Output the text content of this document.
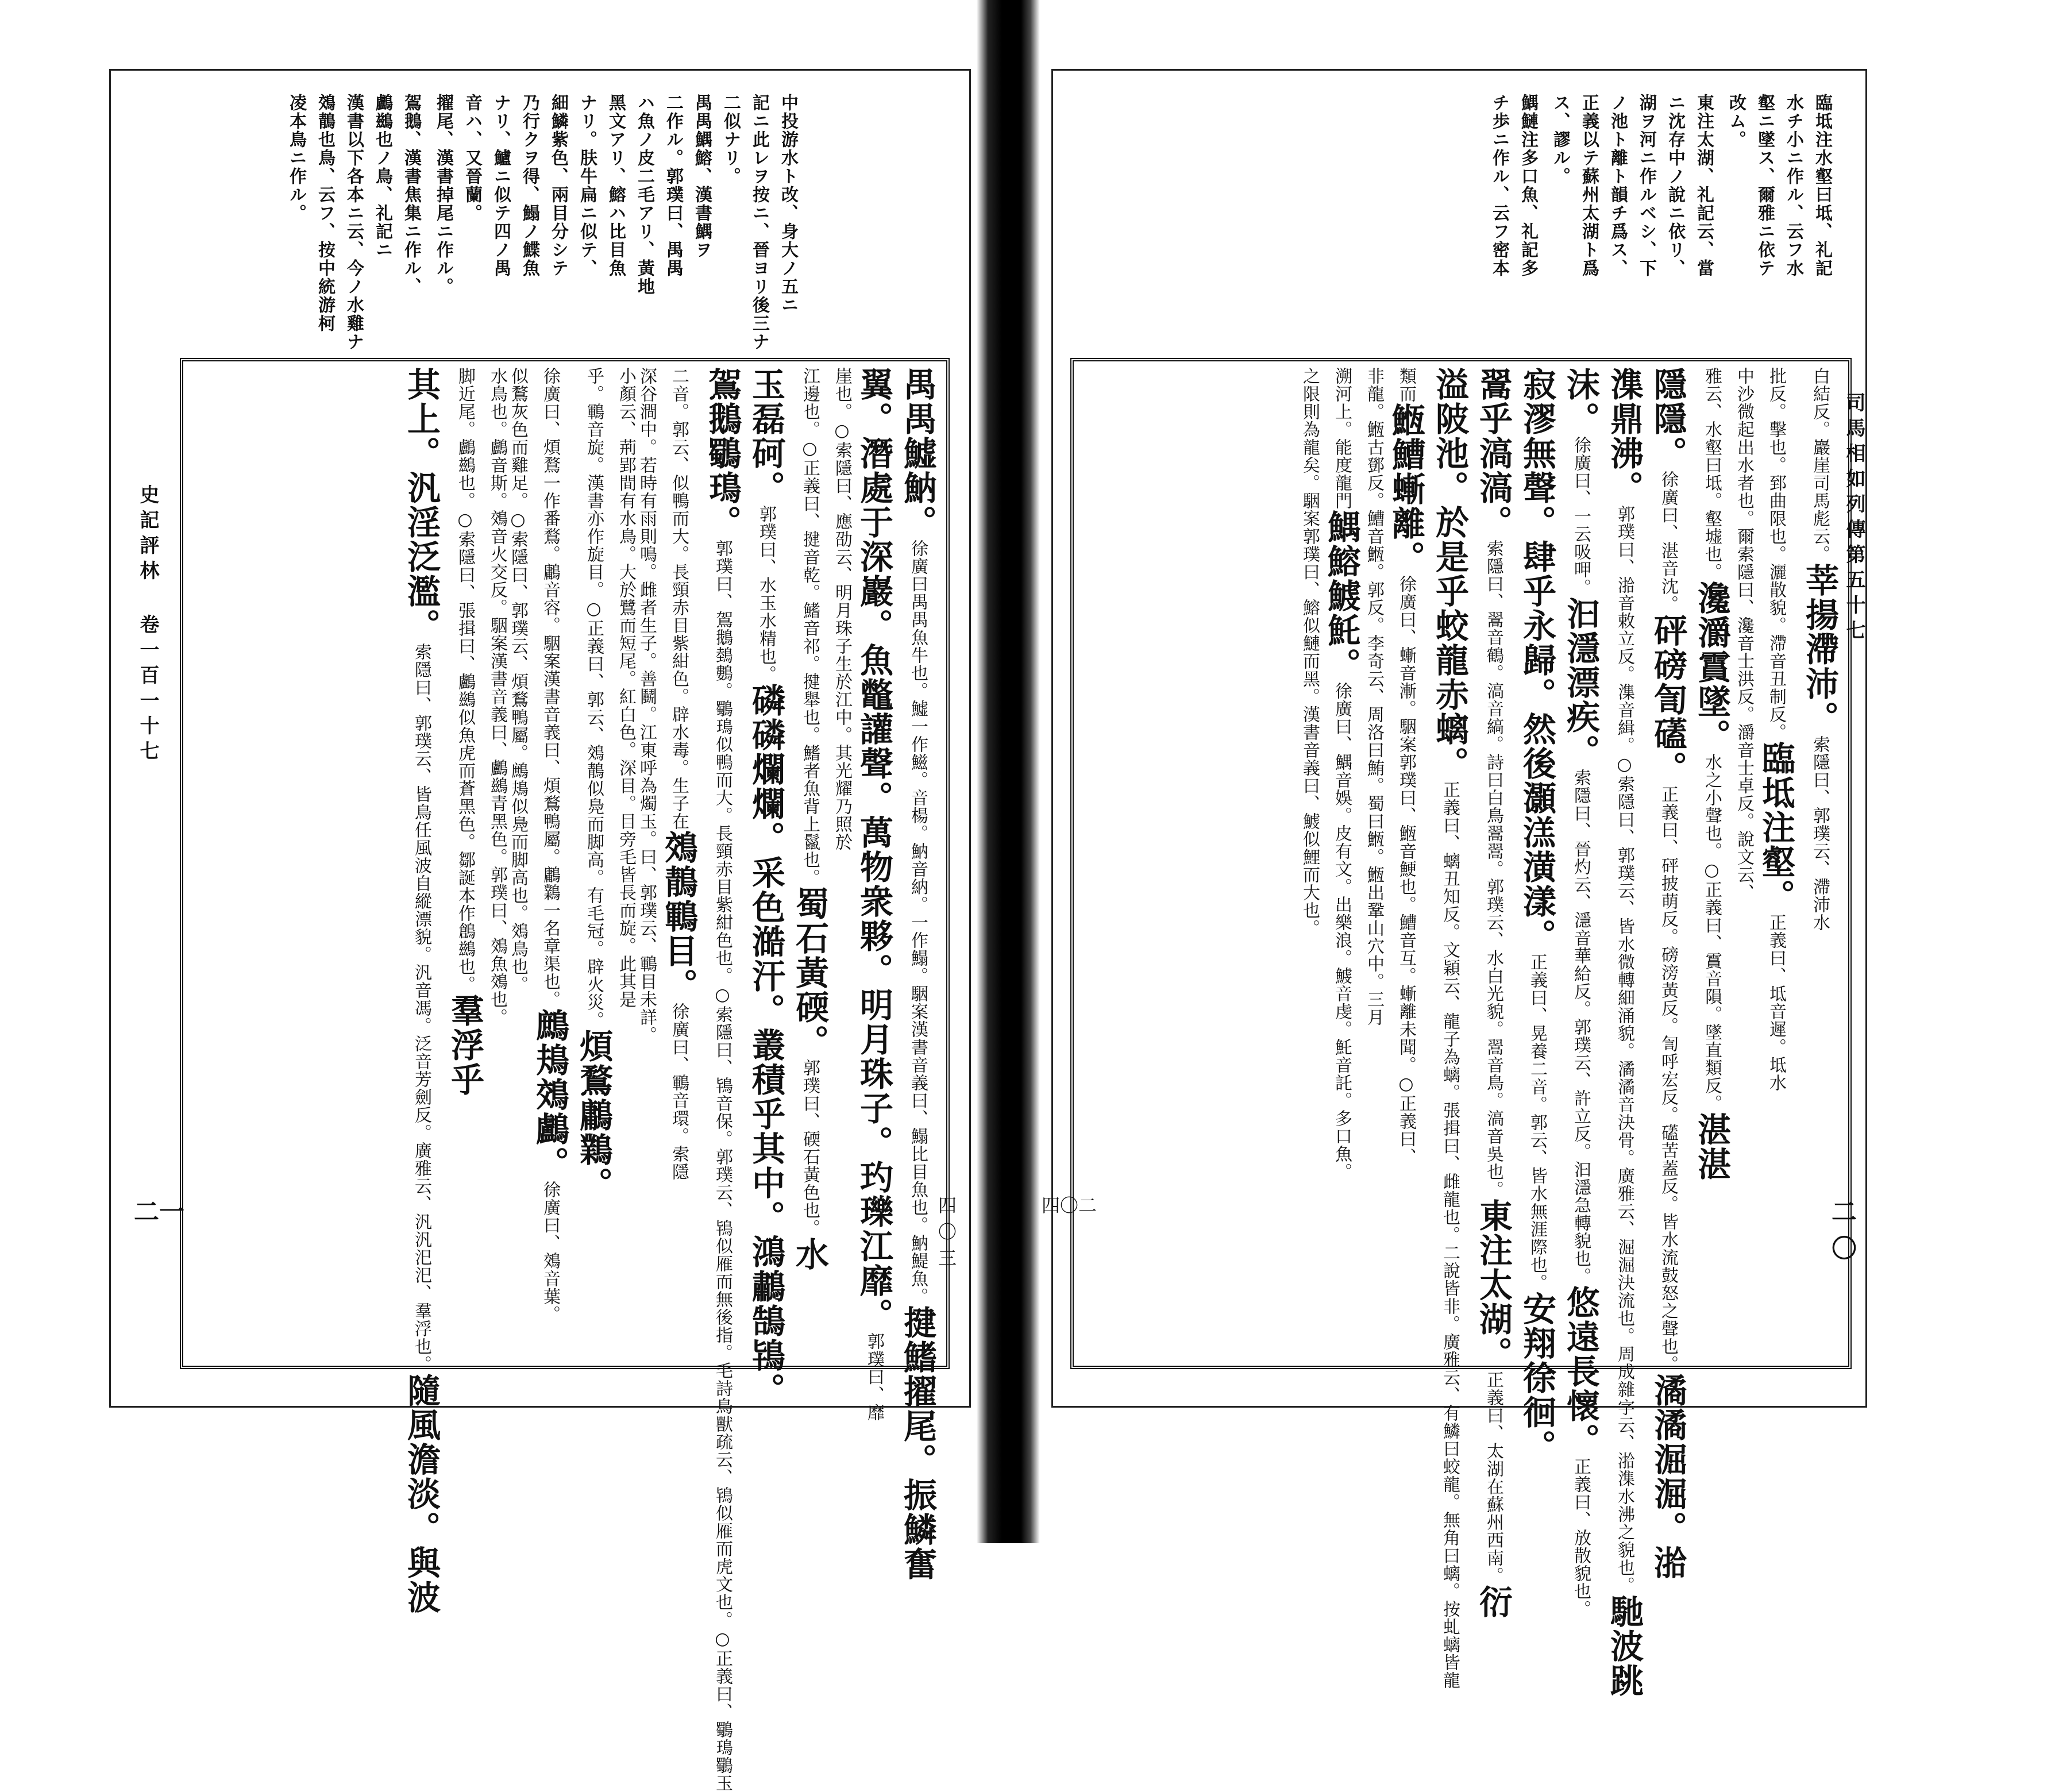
中投游水ト改、身大ノ五ニ
記ニ此レヲ按ニ、晉ヨリ後三ナ
二似ナリ。
禺禺鰅鰫、漢書鰅ヲ
二作ル。郭璞曰、禺禺
ハ魚ノ皮二毛アリ、黃地
黑文アリ、鰫ハ比目魚
ナリ。肤牛扁ニ似テ、
細鱗紫色、兩目分シテ
乃行クヲ得、鰨ノ鰈魚
ナリ、鱸ニ似テ四ノ禺
音ハ、又晉蘭。
擢尾、漢書掉尾ニ作ル。
鴐鵝、漢書焦集ニ作ル、
鸕鷀也ノ鳥、礼記ニ
漢書以下各本ニ云、今ノ水雞ナ
鵁鶄也鳥、云フ、按中統游柯
凌本鳥ニ作ル。
禺禺鱋魶。徐廣曰禺禺魚牛也。鱋一作鰦。音楊。魶音納。一作鰨。駰案漢書音義曰、鰨比目魚也。魶鯷魚。揵鰭擢尾。振鱗奮
翼。潛處于深巖。魚鼈讙聲。萬物衆夥。明月珠子。玓瓅江靡。郭璞曰、靡
崖也。○索隱曰、應劭云、明月珠子生於江中。其光耀乃照於
江邊也。○正義曰、揵音乾。鰭音祁。揵舉也。鰭者魚背上鬣也。蜀石黃碝。郭璞曰、碝石黃色也。水
玉磊砢。郭璞曰、水玉水精也。磷磷爛爛。采色澔汗。叢積乎其中。鴻鷫鵠鴇。
鴐鵝鸀鳿。郭璞曰、鴐鵝鵱鷜。鸀鳿似鴨而大。長頸赤目紫紺色也。○索隱曰、鴇音保。郭璞云、鴇似雁而無後指。毛詩鳥獸疏云、鴇似雁而虎文也。○正義曰、鸀鳿鸀玉
二音。郭云、似鴨而大。長頸赤目紫紺色。辟水毒。生子在鵁鶄鶤目。徐廣曰、鶤音環。索隱
深谷澗中。若時有雨則鳴。雌者生子。善鬭。江東呼為燭玉。曰、郭璞云、鶤目未詳。
小顏云、荊郢間有水鳥。大於鷺而短尾。紅白色。深目。目旁毛皆長而旋。此其是
乎。鶤音旋。漢書亦作旋目。○正義曰、郭云、鵁鶄似鳧而脚高。有毛冠。辟火災。煩鶩鷛鸈。
徐廣曰、煩鶩一作番鶩。鷛音容。駰案漢書音義曰、煩鶩鴨屬。鷛鸈一名章渠也。鷓鳺鵁鸕。徐廣曰、鵁音葉。
似鶩灰色而雞足。○索隱曰、郭璞云、煩鶩鴨屬。鷓鳺似鳧而脚高也。鵁鳥也。
水鳥也。鸕音斯。鵁音火交反。駰案漢書音義曰、鸕鷀青黑色。郭璞曰、鵁魚鵁也。
脚近尾。鸕鷀也。○索隱曰、張揖曰、鸕鷀似魚虎而蒼黑色。鄒誕本作鶬鷀也。羣浮乎
其上。汎淫泛濫。索隱曰、郭璞云、皆鳥任風波自縱漂貌。汎音馮。泛音芳劍反。廣雅云、汎汎汜汜、羣浮也。隨風澹淡。與波
史記評林 卷一百一十七
二一	四〇三
臨坻注水壑曰坻、礼記
水チ小ニ作ル、云フ水
壑ニ墜ス、爾雅ニ依テ
改ム。
東注太湖、礼記云、當
ニ沈存中ノ說ニ依リ、
湖ヲ河ニ作ルベシ、下
ノ池ト離ト韻チ爲ス、
正義以テ蘇州太湖ト爲
ス、謬ル。
鰅鰱注多口魚、礼記多
チ歩ニ作ル、云フ密本
白結反。巖崖司馬彪云。莘揚滯沛。索隱曰、郭璞云、滯沛水
批反。擊也。郅曲限也。灑散貌。滯音丑制反。臨坻注壑。正義曰、坻音遲。坻水
中沙微起出水者也。爾索隱曰、瀺音士洪反。灂音士卓反。說文云、
雅云、水壑曰坻。壑墟也。瀺灂霣墜。水之小聲也。○正義曰、霣音隕。墜直類反。湛湛
隱隱。徐廣曰、湛音沈。砰磅訇礚。正義曰、砰披萌反。磅滂黃反。訇呼宏反。礚苦蓋反。皆水流鼓怒之聲也。潏潏淈淈。湁
潗鼎沸。郭璞曰、湁音敕立反。潗音緝。○索隱曰、郭璞云、皆水微轉細涌貌。潏潏音決骨。廣雅云、淈淈決流也。周成雜字云、湁潗水沸之貌也。馳波跳
沫。徐廣曰、一云吸呷。汩濦漂疾。索隱曰、晉灼云、濦音華給反。郭璞云、許立反。汩濦急轉貌也。悠遠長懷。正義曰、放散貌也。
寂漻無聲。肆乎永歸。然後灝溔潢漾。正義曰、晃養二音。郭云、皆水無涯際也。安翔徐徊。
翯乎滈滈。索隱曰、翯音鶴。滈音縞。詩曰白鳥翯翯。郭璞云、水白光貌。翯音鳥。滈音吳也。東注太湖。正義曰、太湖在蘇州西南。衍
溢陂池。於是乎蛟龍赤螭。正義曰、螭丑知反。文穎云、龍子為螭。張揖曰、雌龍也。二說皆非。廣雅云、有鱗曰蛟龍。無角曰螭。按虬螭皆龍
類而䱭鰽螹離。徐廣曰、螹音漸。駰案郭璞曰、䱭音鯁也。鰽音互。螹離未聞。○正義曰、
非龍。䱭古鄧反。鰽音䱭。郭反。李奇云、周洛曰鮪。蜀曰䱭。䱭出鞏山穴中。三月
溯河上。能度龍門鰅鰫鰬魠。徐廣曰、鰅音娛。皮有文。出樂浪。鰬音虔。魠音託。多口魚。
之限則為龍矣。駰案郭璞曰、鰫似鰱而黑。漢書音義曰、鰬似鯉而大也。	司馬相如列傳第五十七
二〇
四〇二
